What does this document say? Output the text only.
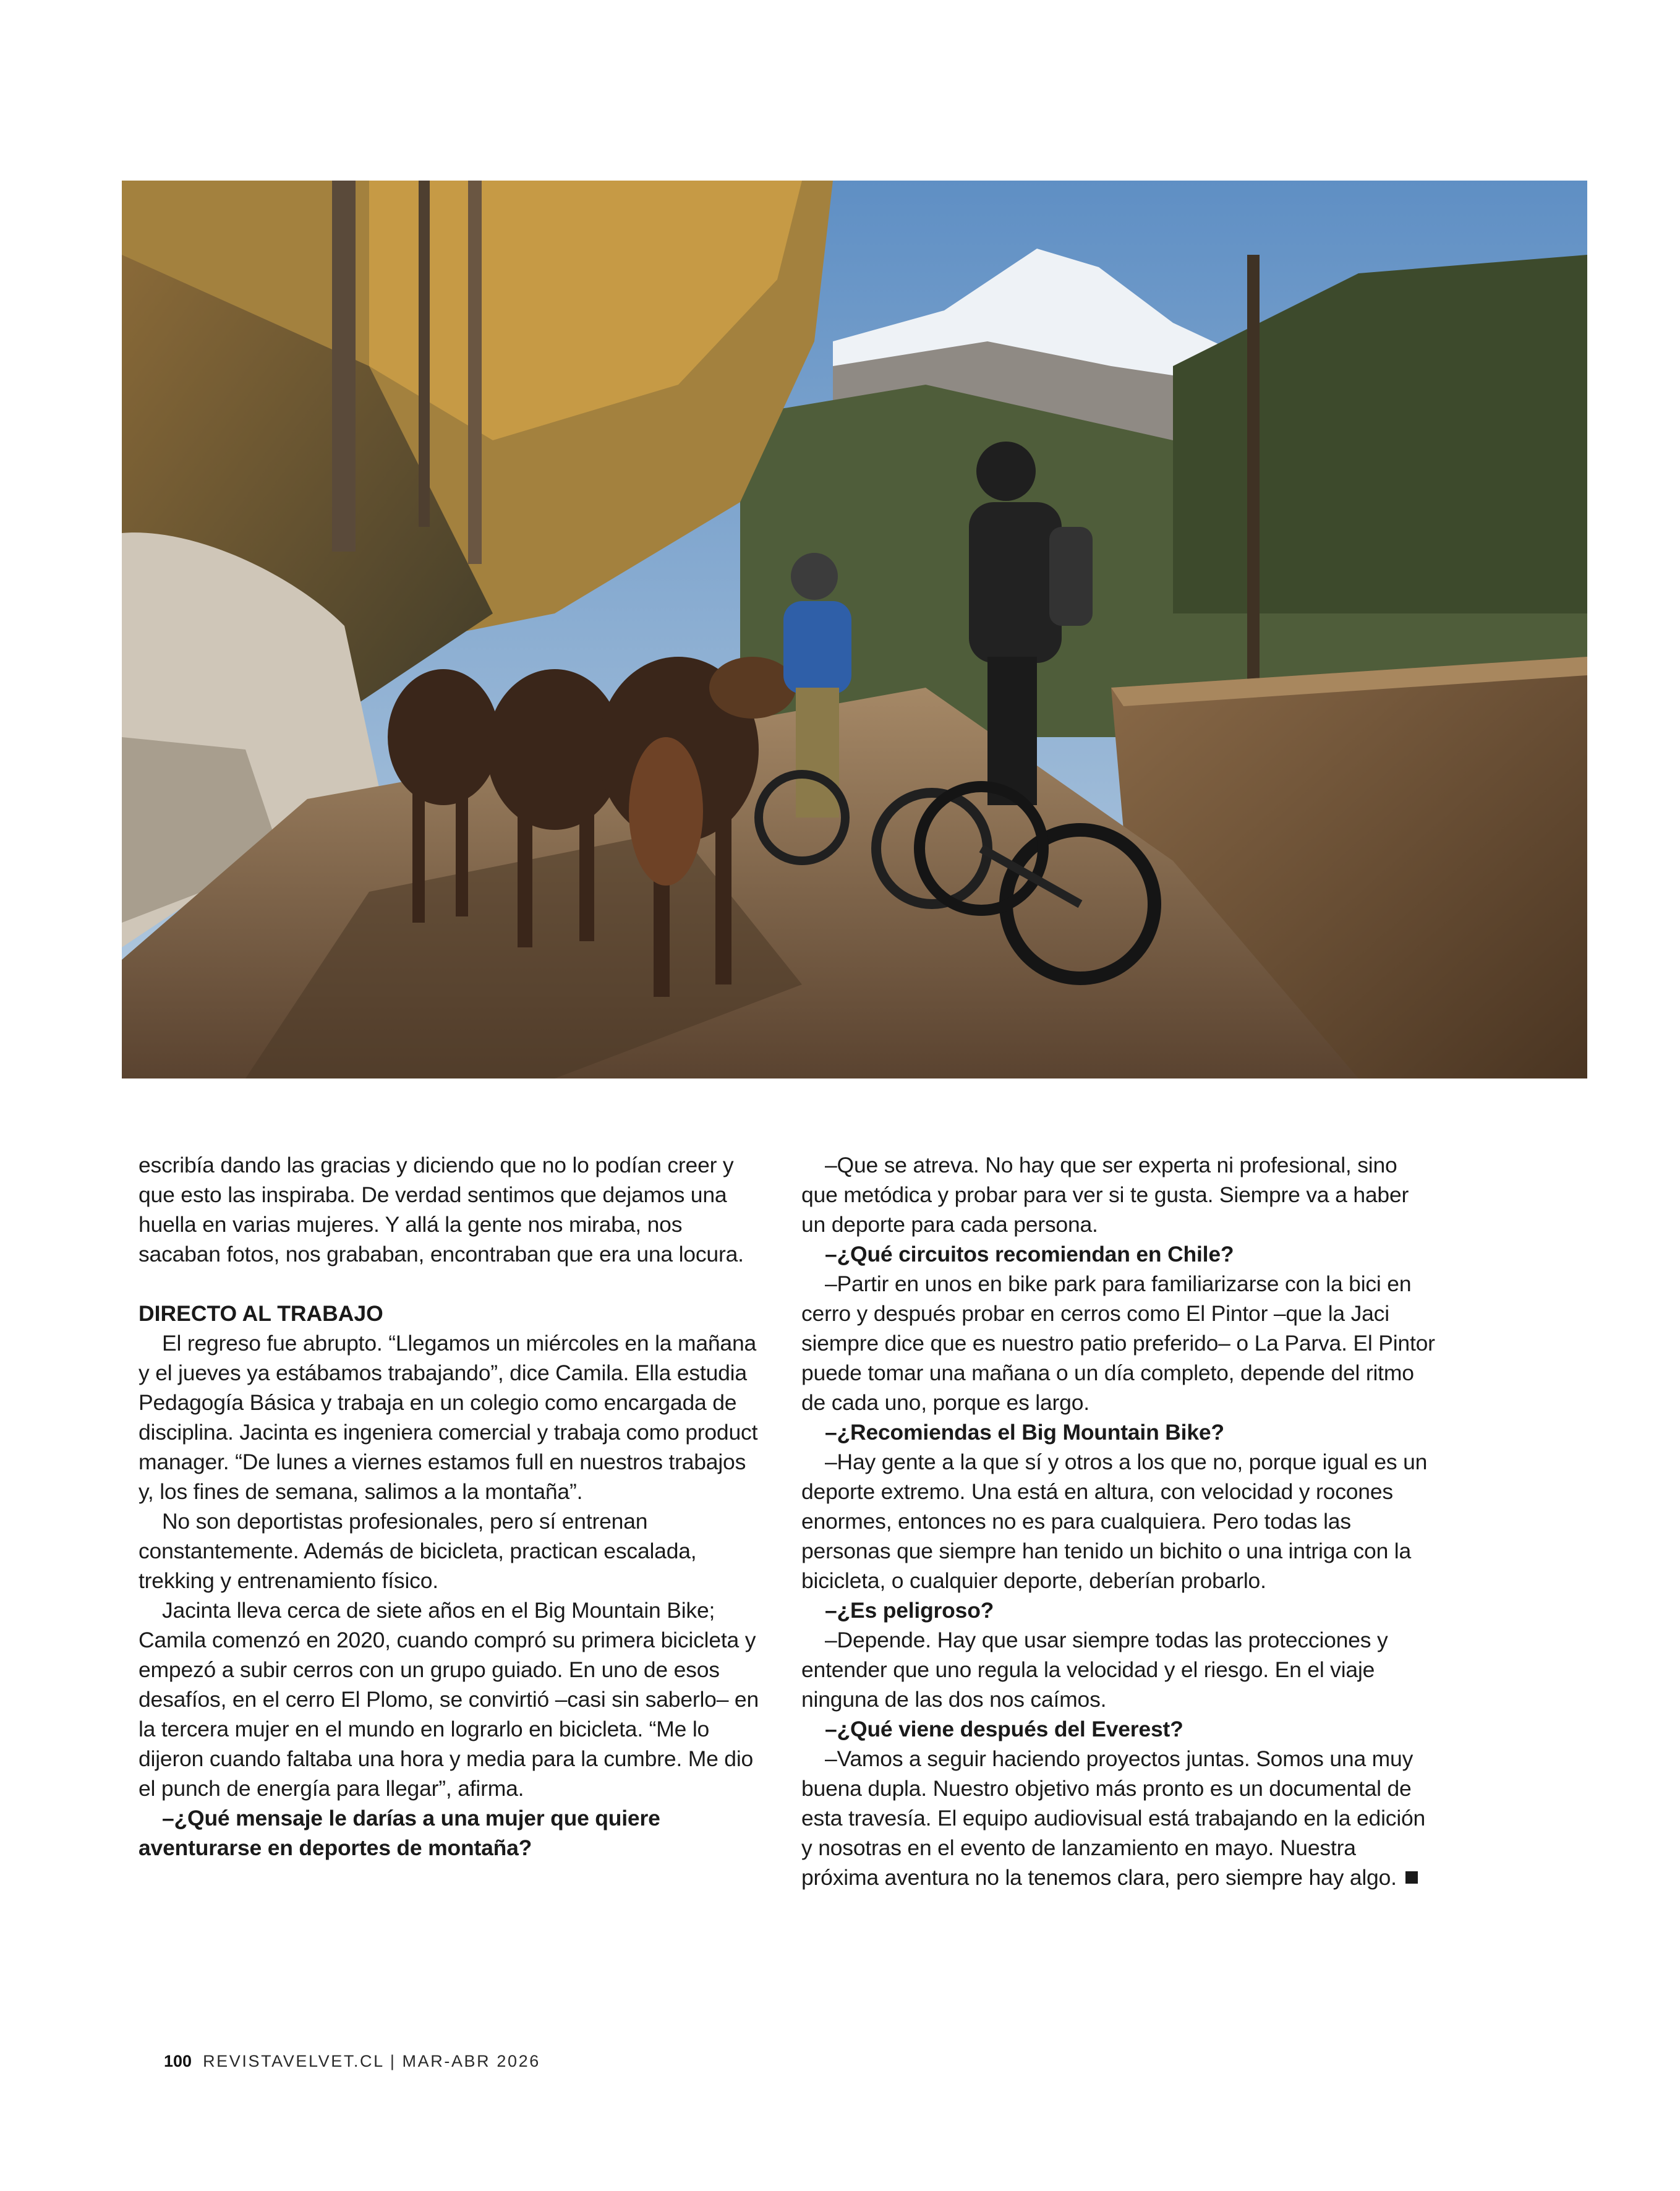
escribía dando las gracias y diciendo que no lo podían creer y que esto las inspiraba. De verdad sentimos que dejamos una huella en varias mujeres. Y allá la gente nos miraba, nos sacaban fotos, nos grababan, encontraban que era una locura.

DIRECTO AL TRABAJO

El regreso fue abrupto. “Llegamos un miércoles en la mañana y el jueves ya estábamos trabajando”, dice Camila. Ella estudia Pedagogía Básica y trabaja en un colegio como encargada de disciplina. Jacinta es ingeniera comercial y trabaja como product manager. “De lunes a viernes estamos full en nuestros trabajos y, los fines de semana, salimos a la montaña”.

No son deportistas profesionales, pero sí entrenan constantemente. Además de bicicleta, practican escalada, trekking y entrenamiento físico.

Jacinta lleva cerca de siete años en el Big Mountain Bike; Camila comenzó en 2020, cuando compró su primera bicicleta y empezó a subir cerros con un grupo guiado. En uno de esos desafíos, en el cerro El Plomo, se convirtió –casi sin saberlo– en la tercera mujer en el mundo en lograrlo en bicicleta. “Me lo dijeron cuando faltaba una hora y media para la cumbre. Me dio el punch de energía para llegar”, afirma.

–¿Qué mensaje le darías a una mujer que quiere aventurarse en deportes de montaña?

–Que se atreva. No hay que ser experta ni profesional, sino que metódica y probar para ver si te gusta. Siempre va a haber un deporte para cada persona.

–¿Qué circuitos recomiendan en Chile?

–Partir en unos en bike park para familiarizarse con la bici en cerro y después probar en cerros como El Pintor –que la Jaci siempre dice que es nuestro patio preferido– o La Parva. El Pintor puede tomar una mañana o un día completo, depende del ritmo de cada uno, porque es largo.

–¿Recomiendas el Big Mountain Bike?

–Hay gente a la que sí y otros a los que no, porque igual es un deporte extremo. Una está en altura, con velocidad y rocones enormes, entonces no es para cualquiera. Pero todas las personas que siempre han tenido un bichito o una intriga con la bicicleta, o cualquier deporte, deberían probarlo.

–¿Es peligroso?

–Depende. Hay que usar siempre todas las protecciones y entender que uno regula la velocidad y el riesgo. En el viaje ninguna de las dos nos caímos.

–¿Qué viene después del Everest?

–Vamos a seguir haciendo proyectos juntas. Somos una muy buena dupla. Nuestro objetivo más pronto es un documental de esta travesía. El equipo audiovisual está trabajando en la edición y nosotras en el evento de lanzamiento en mayo. Nuestra próxima aventura no la tenemos clara, pero siempre hay algo.

100 REVISTAVELVET.CL | MAR-ABR 2026
